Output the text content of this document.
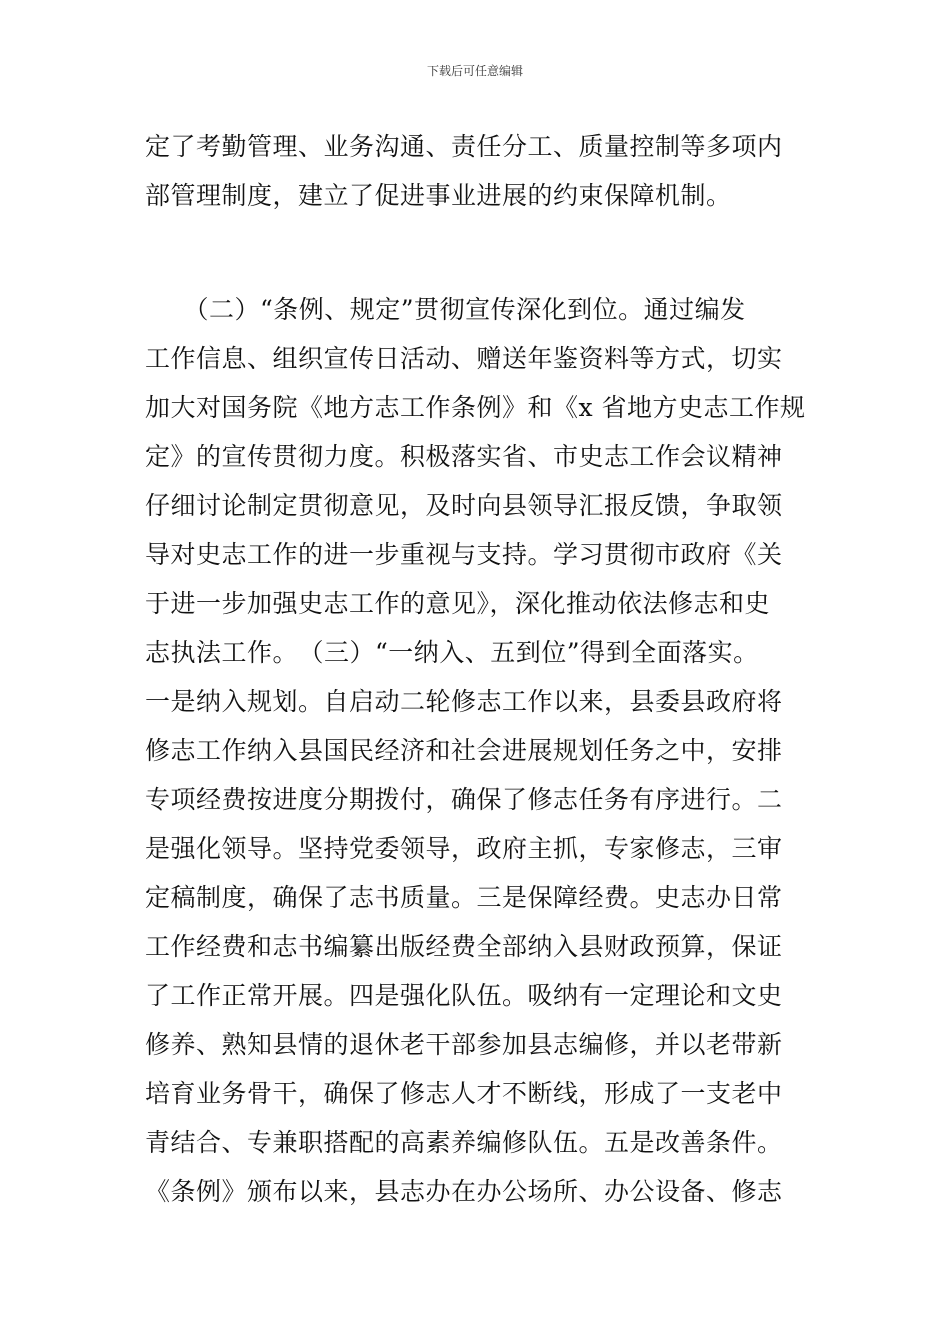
下载后可任意编辑
定了考勤管理、业务沟通、责任分工、质量控制等多项内
部管理制度，建立了促进事业进展的约束保障机制。
　　（二）“条例、规定”贯彻宣传深化到位。通过编发
工作信息、组织宣传日活动、赠送年鉴资料等方式，切实
加大对国务院《地方志工作条例》和《x 省地方史志工作规
定》的宣传贯彻力度。积极落实省、市史志工作会议精神
仔细讨论制定贯彻意见，及时向县领导汇报反馈，争取领
导对史志工作的进一步重视与支持。学习贯彻市政府《关
于进一步加强史志工作的意见》，深化推动依法修志和史
志执法工作。　（三）“一纳入、五到位”得到全面落实。
一是纳入规划。自启动二轮修志工作以来，县委县政府将
修志工作纳入县国民经济和社会进展规划任务之中，安排
专项经费按进度分期拨付，确保了修志任务有序进行。二
是强化领导。坚持党委领导，政府主抓，专家修志，三审
定稿制度，确保了志书质量。三是保障经费。史志办日常
工作经费和志书编纂出版经费全部纳入县财政预算，保证
了工作正常开展。四是强化队伍。吸纳有一定理论和文史
修养、熟知县情的退休老干部参加县志编修，并以老带新
培育业务骨干，确保了修志人才不断线，形成了一支老中
青结合、专兼职搭配的高素养编修队伍。五是改善条件。
《条例》颁布以来，县志办在办公场所、办公设备、修志
